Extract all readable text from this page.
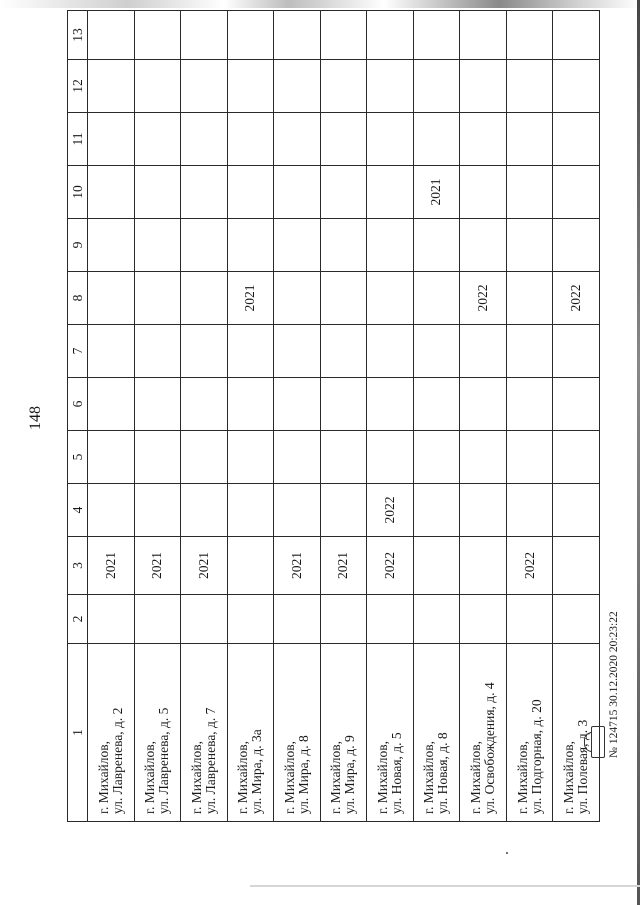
148
1	2	3	4	5	6	7	8	9	10	11	12	13

г. Михайлов, ул. Лавренева, д. 2		2021										

г. Михайлов, ул. Лавренева, д. 5		2021										

г. Михайлов, ул. Лавренева, д. 7		2021										

г. Михайлов, ул. Мира, д. 3а							2021					

г. Михайлов, ул. Мира, д. 8		2021										

г. Михайлов, ул. Мира, д. 9		2021										

г. Михайлов, ул. Новая, д. 5		2022	2022									

г. Михайлов, ул. Новая, д. 8									2021			

г. Михайлов, ул. Освобождения, д. 4							2022					

г. Михайлов, ул. Подгорная, д. 20		2022										

г. Михайлов, ул. Полевая, д. 3							2022					
№ 124715 30.12.2020 20:23:22
